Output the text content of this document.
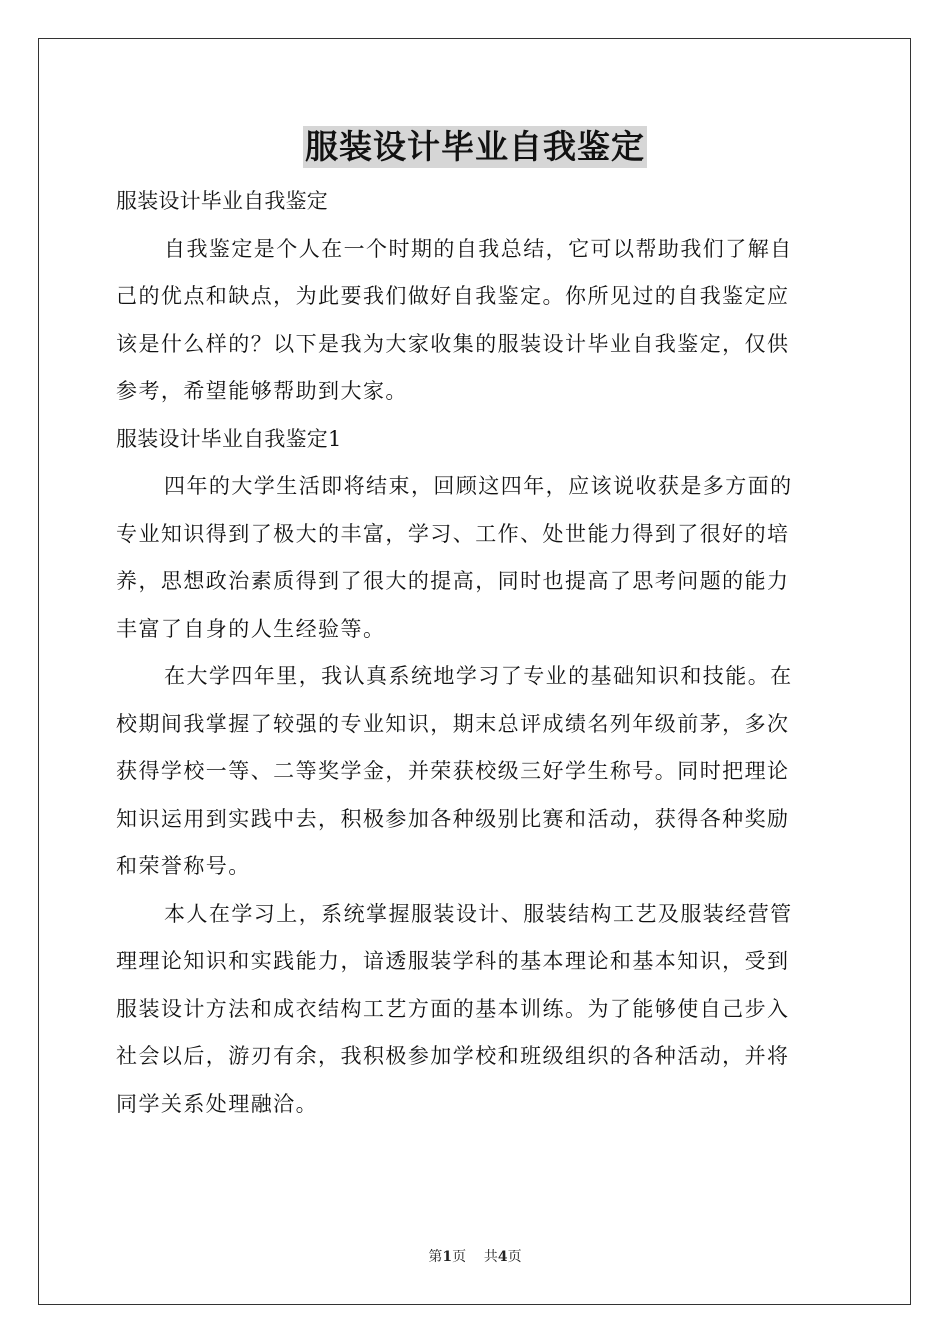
服装设计毕业自我鉴定
服装设计毕业自我鉴定
自我鉴定是个人在一个时期的自我总结，它可以帮助我们了解自
己的优点和缺点，为此要我们做好自我鉴定。你所见过的自我鉴定应
该是什么样的？以下是我为大家收集的服装设计毕业自我鉴定，仅供
参考，希望能够帮助到大家。
服装设计毕业自我鉴定1
四年的大学生活即将结束，回顾这四年，应该说收获是多方面的
专业知识得到了极大的丰富，学习、工作、处世能力得到了很好的培
养，思想政治素质得到了很大的提高，同时也提高了思考问题的能力
丰富了自身的人生经验等。
在大学四年里，我认真系统地学习了专业的基础知识和技能。在
校期间我掌握了较强的专业知识，期末总评成绩名列年级前茅，多次
获得学校一等、二等奖学金，并荣获校级三好学生称号。同时把理论
知识运用到实践中去，积极参加各种级别比赛和活动，获得各种奖励
和荣誉称号。
本人在学习上，系统掌握服装设计、服装结构工艺及服装经营管
理理论知识和实践能力，谙透服装学科的基本理论和基本知识，受到
服装设计方法和成衣结构工艺方面的基本训练。为了能够使自己步入
社会以后，游刃有余，我积极参加学校和班级组织的各种活动，并将
同学关系处理融洽。
第1页 共4页
